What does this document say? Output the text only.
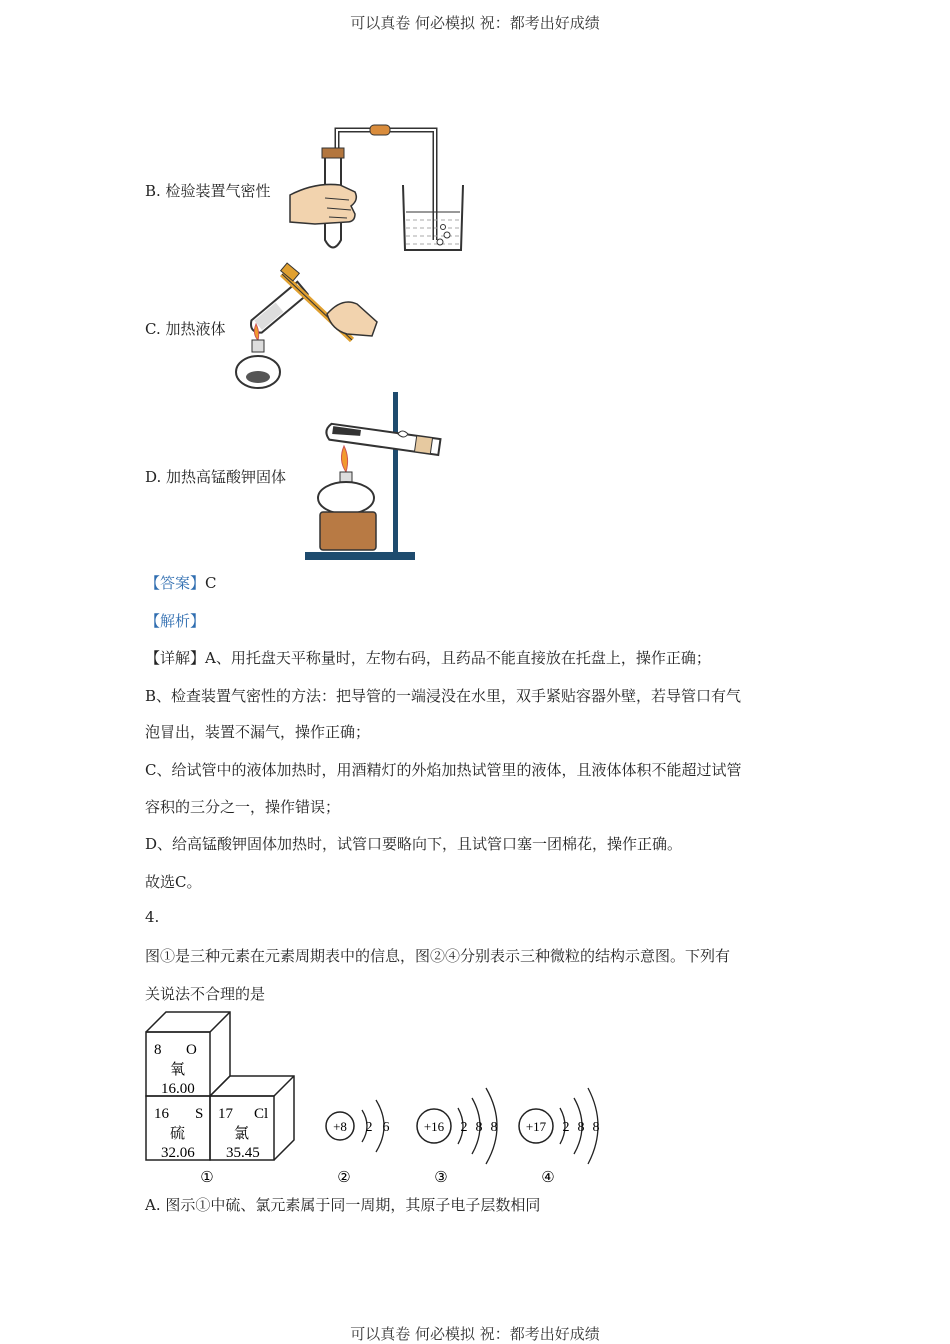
可以真卷 何必模拟 祝：都考出好成绩
B. 检验装置气密性
C. 加热液体
D. 加热高锰酸钾固体
【答案】C
【解析】
【详解】A、用托盘天平称量时，左物右码，且药品不能直接放在托盘上，操作正确；
B、检查装置气密性的方法：把导管的一端浸没在水里，双手紧贴容器外壁，若导管口有气
泡冒出，装置不漏气，操作正确；
C、给试管中的液体加热时，用酒精灯的外焰加热试管里的液体，且液体体积不能超过试管
容积的三分之一，操作错误；
D、给高锰酸钾固体加热时，试管口要略向下，且试管口塞一团棉花，操作正确。
故选C。
4.
图①是三种元素在元素周期表中的信息，图②④分别表示三种微粒的结构示意图。下列有
关说法不合理的是
8 O
氧
16.00
16 S
硫
32.06
17 Cl
氯
35.45
+8 2 6	+16 2 8 8 +17 2 8 8
①	②	③	④
A. 图示①中硫、氯元素属于同一周期，其原子电子层数相同
可以真卷 何必模拟 祝：都考出好成绩
